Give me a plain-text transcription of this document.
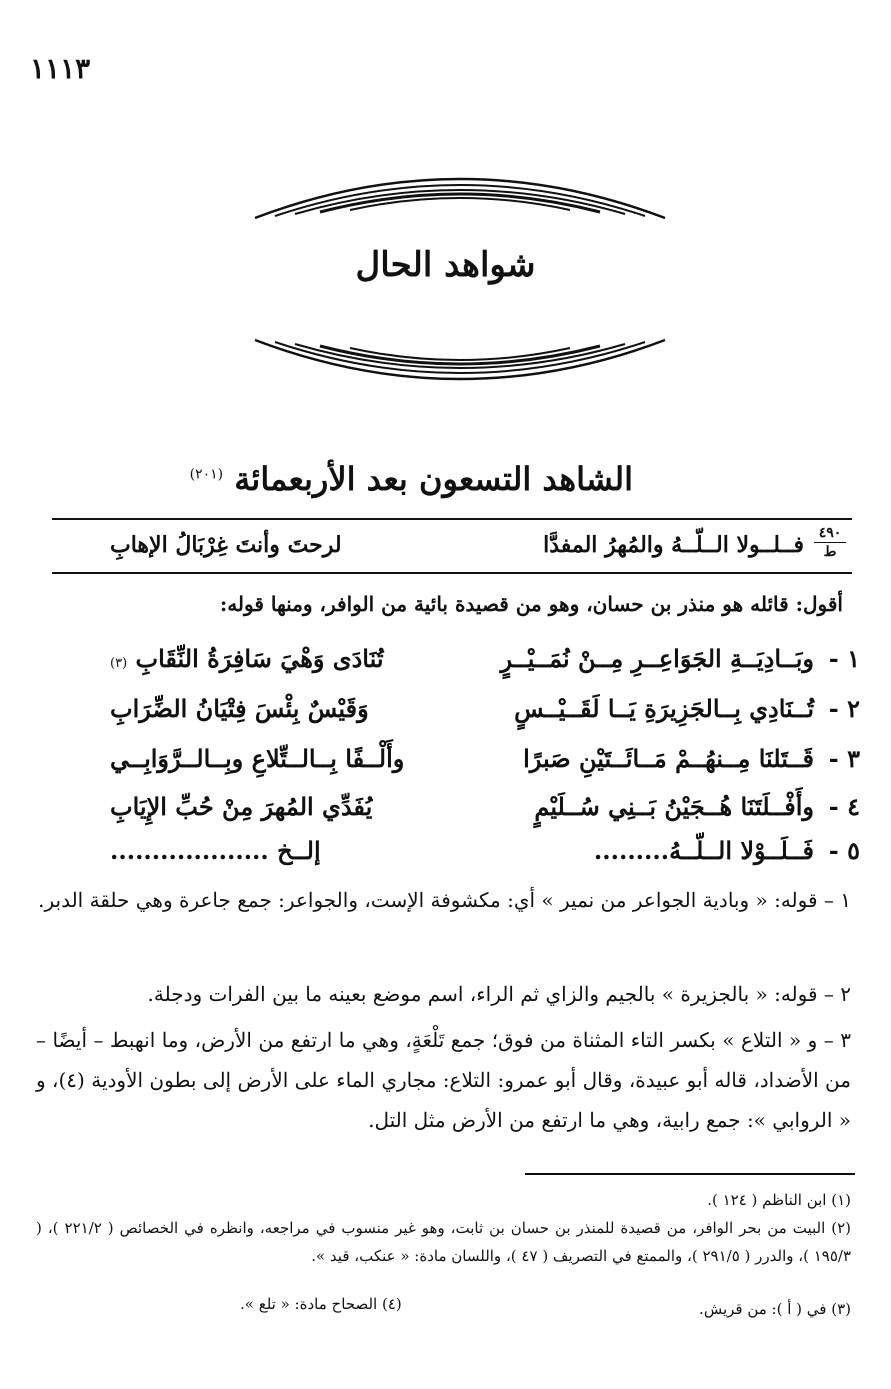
١١١٣
شواهد الحال
الشاهد التسعون بعد الأربعمائة $^{(٢٠١)}$
٤٩٠
ط
فــلــولا الــلّــهُ والمُهرُ المفدَّا
لرحتَ وأنتَ غِرْبَالُ الإهابِ
أقول: قائله هو منذر بن حسان، وهو من قصيدة بائية من الوافر، ومنها قوله:
١ -
وبَــادِيَــةِ الجَوَاعِــرِ مِــنْ نُمَــيْــرٍ
تُنَادَى وَهْيَ سَافِرَةُ النِّقَابِ (٣)
٢ -
تُــنَادِي بِــالجَزِيرَةِ يَــا لَقَــيْــسٍ
وَقَيْسٌ بِئْسَ فِتْيَانُ الضِّرَابِ
٣ -
قَــتَلنَا مِــنهُــمْ مَــائَــتَيْنِ صَبرًا
وأَلْــفًا بِــالــتِّلاعِ وبِــالــرَّوَابِــي
٤ -
وأَفْــلَتَنَا هُــجَيْنُ بَــنِي سُــلَيْمٍ
يُفَدِّي المُهرَ مِنْ حُبِّ الإِيَابِ
٥ -
فَــلَــوْلا الــلّــهُ.........
إلــخ ...................
١ – قوله: « وبادية الجواعر من نمير » أي: مكشوفة الإست، والجواعر: جمع جاعرة وهي حلقة الدبر.
٢ – قوله: « بالجزيرة » بالجيم والزاي ثم الراء، اسم موضع بعينه ما بين الفرات ودجلة.
٣ – و « التلاع » بكسر التاء المثناة من فوق؛ جمع تَلْعَةٍ، وهي ما ارتفع من الأرض، وما انهبط – أيضًا – من الأضداد، قاله أبو عبيدة، وقال أبو عمرو: التلاع: مجاري الماء على الأرض إلى بطون الأودية (٤)، و « الروابي »: جمع رابية، وهي ما ارتفع من الأرض مثل التل.
(١) ابن الناظم ( ١٢٤ ).
(٢) البيت من بحر الوافر، من قصيدة للمنذر بن حسان بن ثابت، وهو غير منسوب في مراجعه، وانظره في الخصائص ( ٢٢١/٢ )، ( ١٩٥/٣ )، والدرر ( ٢٩١/٥ )، والممتع في التصريف ( ٤٧ )، واللسان مادة: « عنكب، قيد ».
(٣) في ( أ ): من قريش.
(٤) الصحاح مادة: « تلع ».
